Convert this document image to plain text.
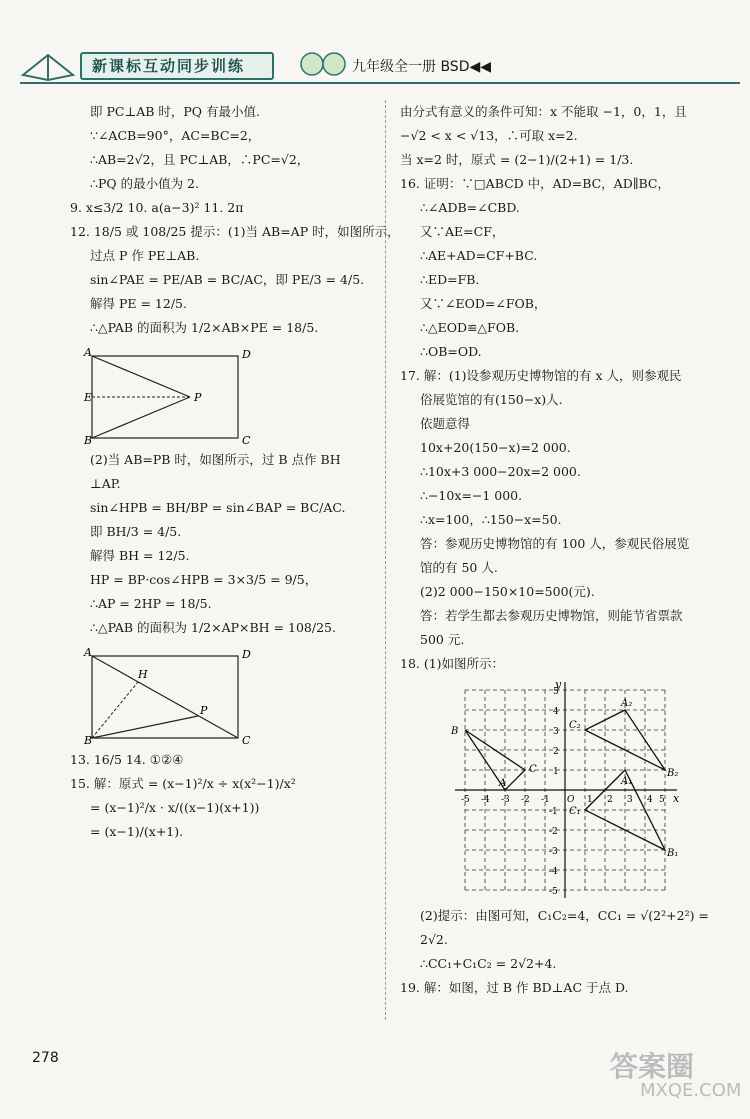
新课标互动同步训练	九年级全一册 BSD◀◀
即 PC⊥AB 时，PQ 有最小值.
∵∠ACB=90°，AC=BC=2，
∴AB=2√2，且 PC⊥AB，∴PC=√2，
∴PQ 的最小值为 2.
9. x≤3/2 10. a(a−3)² 11. 2π
12. 18/5 或 108/25 提示：(1)当 AB=AP 时，如图所示，
过点 P 作 PE⊥AB.
sin∠PAE = PE/AB = BC/AC，即 PE/3 = 4/5.
解得 PE = 12/5.
∴△PAB 的面积为 1/2×AB×PE = 18/5.
A	D
E	P
B	C
(2)当 AB=PB 时，如图所示，过 B 点作 BH
⊥AP.
sin∠HPB = BH/BP = sin∠BAP = BC/AC.
即 BH/3 = 4/5.
解得 BH = 12/5.
HP = BP·cos∠HPB = 3×3/5 = 9/5，
∴AP = 2HP = 18/5.
∴△PAB 的面积为 1/2×AP×BH = 108/25.
A	D
H
P
B	C
13. 16/5 14. ①②④
15. 解：原式 = (x−1)²/x ÷ x(x²−1)/x²
= (x−1)²/x · x/((x−1)(x+1))
= (x−1)/(x+1).
由分式有意义的条件可知：x 不能取 −1，0，1，且
−√2 < x < √13，∴可取 x=2.
当 x=2 时，原式 = (2−1)/(2+1) = 1/3.
16. 证明：∵□ABCD 中，AD=BC，AD∥BC，
∴∠ADB=∠CBD.
又∵AE=CF，
∴AE+AD=CF+BC.
∴ED=FB.
又∵∠EOD=∠FOB，
∴△EOD≌△FOB.
∴OB=OD.
17. 解：(1)设参观历史博物馆的有 x 人，则参观民
俗展览馆的有(150−x)人.
依题意得
10x+20(150−x)=2 000.
∴10x+3 000−20x=2 000.
∴−10x=−1 000.
∴x=100，∴150−x=50.
答：参观历史博物馆的有 100 人，参观民俗展览
馆的有 50 人.
(2)2 000−150×10=500(元).
答：若学生都去参观历史博物馆，则能节省票款
500 元.
18. (1)如图所示：
x
y
-5 -4 -3 -2 -1 O 1 2 3 4 5
5
4
3
2
1
-1
-2
-3
-4
-5
B
A
C
A₁
B₁
C₁
A₂
B₂
C₂
(2)提示：由图可知，C₁C₂=4，CC₁ = √(2²+2²) =
2√2.
∴CC₁+C₁C₂ = 2√2+4.
19. 解：如图，过 B 作 BD⊥AC 于点 D.
278	答案圈
MXQE.COM
